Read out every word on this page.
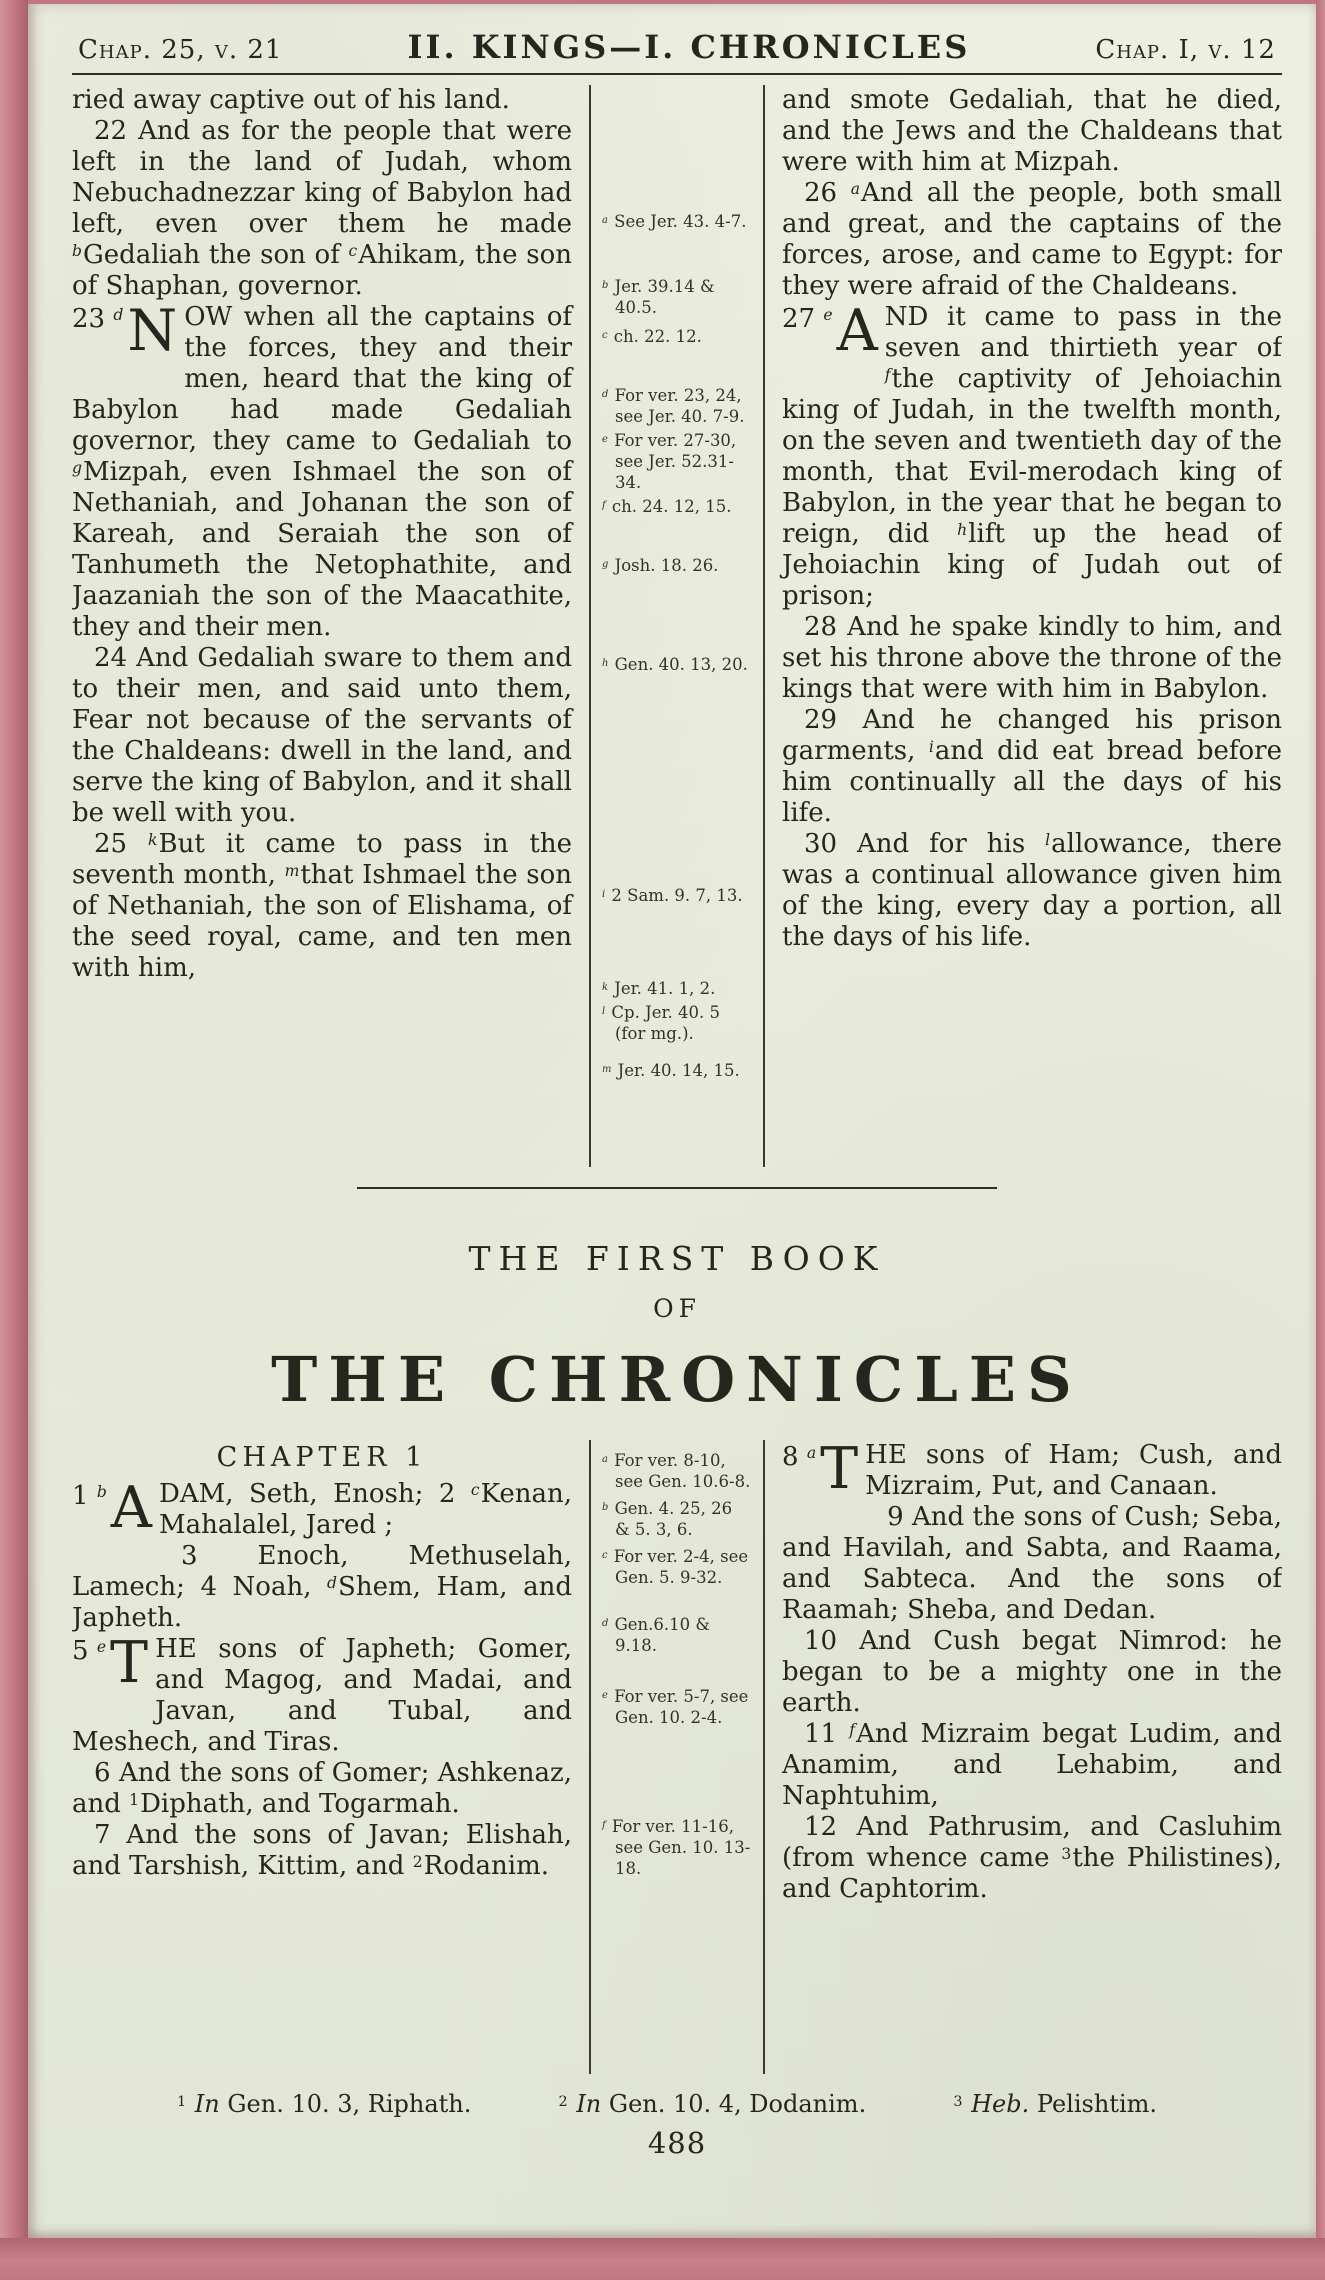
Chap. 25, v. 21	II. KINGS—I. CHRONICLES	Chap. I, v. 12

ried away captive out of his land.

22 And as for the people that were left in the land of Judah, whom Nebuchadnezzar king of Babylon had left, even over them he made $^b$Gedaliah the son of $^c$Ahikam, the son of Shaphan, governor.

23 $^d$ N OW when all the captains of the forces, they and their men, heard that the king of Babylon had made Gedaliah governor, they came to Gedaliah to $^g$Mizpah, even Ishmael the son of Nethaniah, and Johanan the son of Kareah, and Seraiah the son of Tanhumeth the Netophathite, and Jaazaniah the son of the Maacathite, they and their men.

24 And Gedaliah sware to them and to their men, and said unto them, Fear not because of the servants of the Chaldeans: dwell in the land, and serve the king of Babylon, and it shall be well with you.

25 $^k$But it came to pass in the seventh month, $^m$that Ishmael the son of Nethaniah, the son of Elishama, of the seed royal, came, and ten men with him,

$^a$ See Jer. 43. 4-7.
$^b$ Jer. 39.14 & 40.5.
$^c$ ch. 22. 12.
$^d$ For ver. 23, 24, see Jer. 40. 7-9.
$^e$ For ver. 27-30, see Jer. 52.31-34.
$^f$ ch. 24. 12, 15.
$^g$ Josh. 18. 26.
$^h$ Gen. 40. 13, 20.
$^i$ 2 Sam. 9. 7, 13.
$^k$ Jer. 41. 1, 2.
$^l$ Cp. Jer. 40. 5 (for mg.).
$^m$ Jer. 40. 14, 15.

and smote Gedaliah, that he died, and the Jews and the Chaldeans that were with him at Mizpah.

26 $^a$And all the people, both small and great, and the captains of the forces, arose, and came to Egypt: for they were afraid of the Chaldeans.

27 $^e$ A ND it came to pass in the seven and thirtieth year of $^f$the captivity of Jehoiachin king of Judah, in the twelfth month, on the seven and twentieth day of the month, that Evil-merodach king of Babylon, in the year that he began to reign, did $^h$lift up the head of Jehoiachin king of Judah out of prison;

28 And he spake kindly to him, and set his throne above the throne of the kings that were with him in Babylon.

29 And he changed his prison garments, $^i$and did eat bread before him continually all the days of his life.

30 And for his $^l$allowance, there was a continual allowance given him of the king, every day a portion, all the days of his life.

THE FIRST BOOK
OF
THE CHRONICLES

CHAPTER 1

1 $^b$ A DAM, Seth, Enosh; 2 $^c$Kenan, Mahalalel, Jared ;

3 Enoch, Methuselah, Lamech; 4 Noah, $^d$Shem, Ham, and Japheth.

5 $^e$ T HE sons of Japheth; Gomer, and Magog, and Madai, and Javan, and Tubal, and Meshech, and Tiras.

6 And the sons of Gomer; Ashkenaz, and $^1$Diphath, and Togarmah.

7 And the sons of Javan; Elishah, and Tarshish, Kittim, and $^2$Rodanim.

$^a$ For ver. 8-10, see Gen. 10.6-8.
$^b$ Gen. 4. 25, 26 & 5. 3, 6.
$^c$ For ver. 2-4, see Gen. 5. 9-32.
$^d$ Gen.6.10 & 9.18.
$^e$ For ver. 5-7, see Gen. 10. 2-4.
$^f$ For ver. 11-16, see Gen. 10. 13-18.

8 $^a$ T HE sons of Ham; Cush, and Mizraim, Put, and Canaan.

9 And the sons of Cush; Seba, and Havilah, and Sabta, and Raama, and Sabteca. And the sons of Raamah; Sheba, and Dedan.

10 And Cush begat Nimrod: he began to be a mighty one in the earth.

11 $^f$And Mizraim begat Ludim, and Anamim, and Lehabim, and Naphtuhim,

12 And Pathrusim, and Casluhim (from whence came $^3$the Philistines), and Caphtorim.

$^1$ In Gen. 10. 3, Riphath.	$^2$ In Gen. 10. 4, Dodanim.	$^3$ Heb. Pelishtim.
488
